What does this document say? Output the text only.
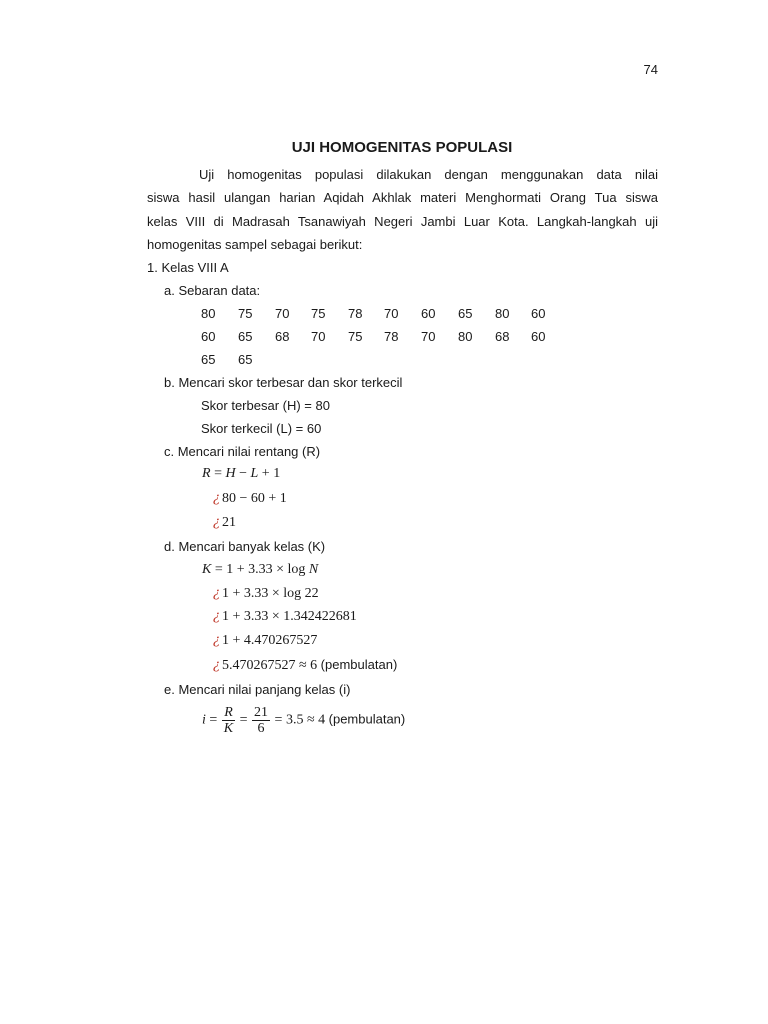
74
UJI HOMOGENITAS POPULASI
Uji homogenitas populasi dilakukan dengan menggunakan data nilai
siswa hasil ulangan harian Aqidah Akhlak materi Menghormati Orang Tua siswa
kelas VIII di Madrasah Tsanawiyah Negeri Jambi Luar Kota. Langkah-langkah uji
homogenitas sampel sebagai berikut:
1. Kelas VIII A
a. Sebaran data:
80 75 70 75 78 70 60 65 80 60
60 65 68 70 75 78 70 80 68 60
65 65
b. Mencari skor terbesar dan skor terkecil
Skor terbesar (H) = 80
Skor terkecil (L) = 60
c. Mencari nilai rentang (R)
R = H − L + 1
¿ 80 − 60 + 1
¿ 21
d. Mencari banyak kelas (K)
K = 1 + 3.33 × log N
¿ 1 + 3.33 × log 22
¿ 1 + 3.33 × 1.342422681
¿ 1 + 4.470267527
¿ 5.470267527 ≈ 6 (pembulatan)
e. Mencari nilai panjang kelas (i)
$i = \frac{R}{K} = \frac{21}{6} = 3.5 \approx 4$ (pembulatan)
